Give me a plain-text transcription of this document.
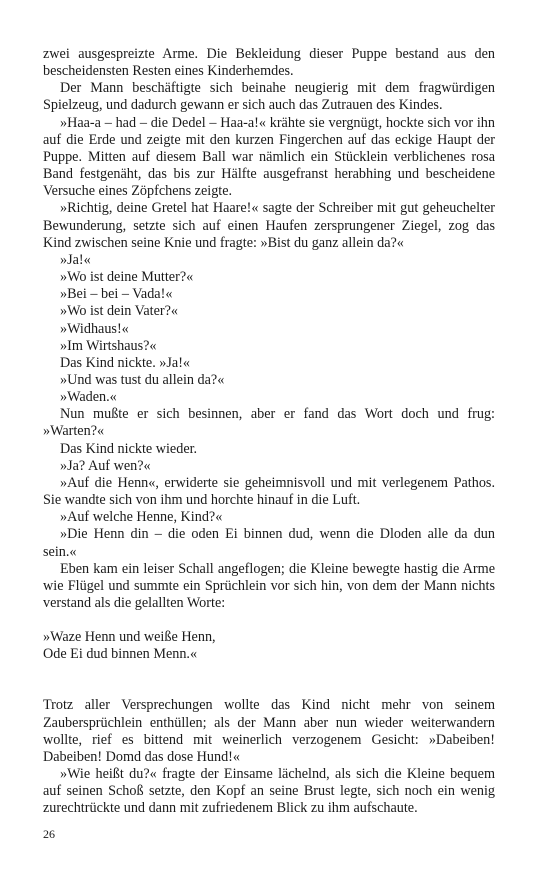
zwei ausgespreizte Arme. Die Bekleidung dieser Puppe bestand aus den bescheidensten Resten eines Kinderhemdes.

Der Mann beschäftigte sich beinahe neugierig mit dem fragwürdigen Spielzeug, und dadurch gewann er sich auch das Zutrauen des Kindes.

»Haa-a – had – die Dedel – Haa-a!« krähte sie vergnügt, hockte sich vor ihn auf die Erde und zeigte mit den kurzen Fingerchen auf das eckige Haupt der Puppe. Mitten auf diesem Ball war nämlich ein Stücklein verblichenes rosa Band festgenäht, das bis zur Hälfte ausgefranst herabhing und bescheidene Versuche eines Zöpfchens zeigte.

»Richtig, deine Gretel hat Haare!« sagte der Schreiber mit gut geheuchelter Bewunderung, setzte sich auf einen Haufen zersprungener Ziegel, zog das Kind zwischen seine Knie und fragte: »Bist du ganz allein da?«

»Ja!«

»Wo ist deine Mutter?«

»Bei – bei – Vada!«

»Wo ist dein Vater?«

»Widhaus!«

»Im Wirtshaus?«

Das Kind nickte. »Ja!«

»Und was tust du allein da?«

»Waden.«

Nun mußte er sich besinnen, aber er fand das Wort doch und frug: »Warten?«

Das Kind nickte wieder.

»Ja? Auf wen?«

»Auf die Henn«, erwiderte sie geheimnisvoll und mit verlegenem Pathos. Sie wandte sich von ihm und horchte hinauf in die Luft.

»Auf welche Henne, Kind?«

»Die Henn din – die oden Ei binnen dud, wenn die Dloden alle da dun sein.«

Eben kam ein leiser Schall angeflogen; die Kleine bewegte hastig die Arme wie Flügel und summte ein Sprüchlein vor sich hin, von dem der Mann nichts verstand als die gelallten Worte:

»Waze Henn und weiße Henn,

Ode Ei dud binnen Menn.«

Trotz aller Versprechungen wollte das Kind nicht mehr von seinem Zaubersprüchlein enthüllen; als der Mann aber nun wieder weiterwandern wollte, rief es bittend mit weinerlich verzogenem Gesicht: »Dabeiben! Dabeiben! Domd das dose Hund!«

»Wie heißt du?« fragte der Einsame lächelnd, als sich die Kleine bequem auf seinen Schoß setzte, den Kopf an seine Brust legte, sich noch ein wenig zurechtrückte und dann mit zufriedenem Blick zu ihm aufschaute.

26
